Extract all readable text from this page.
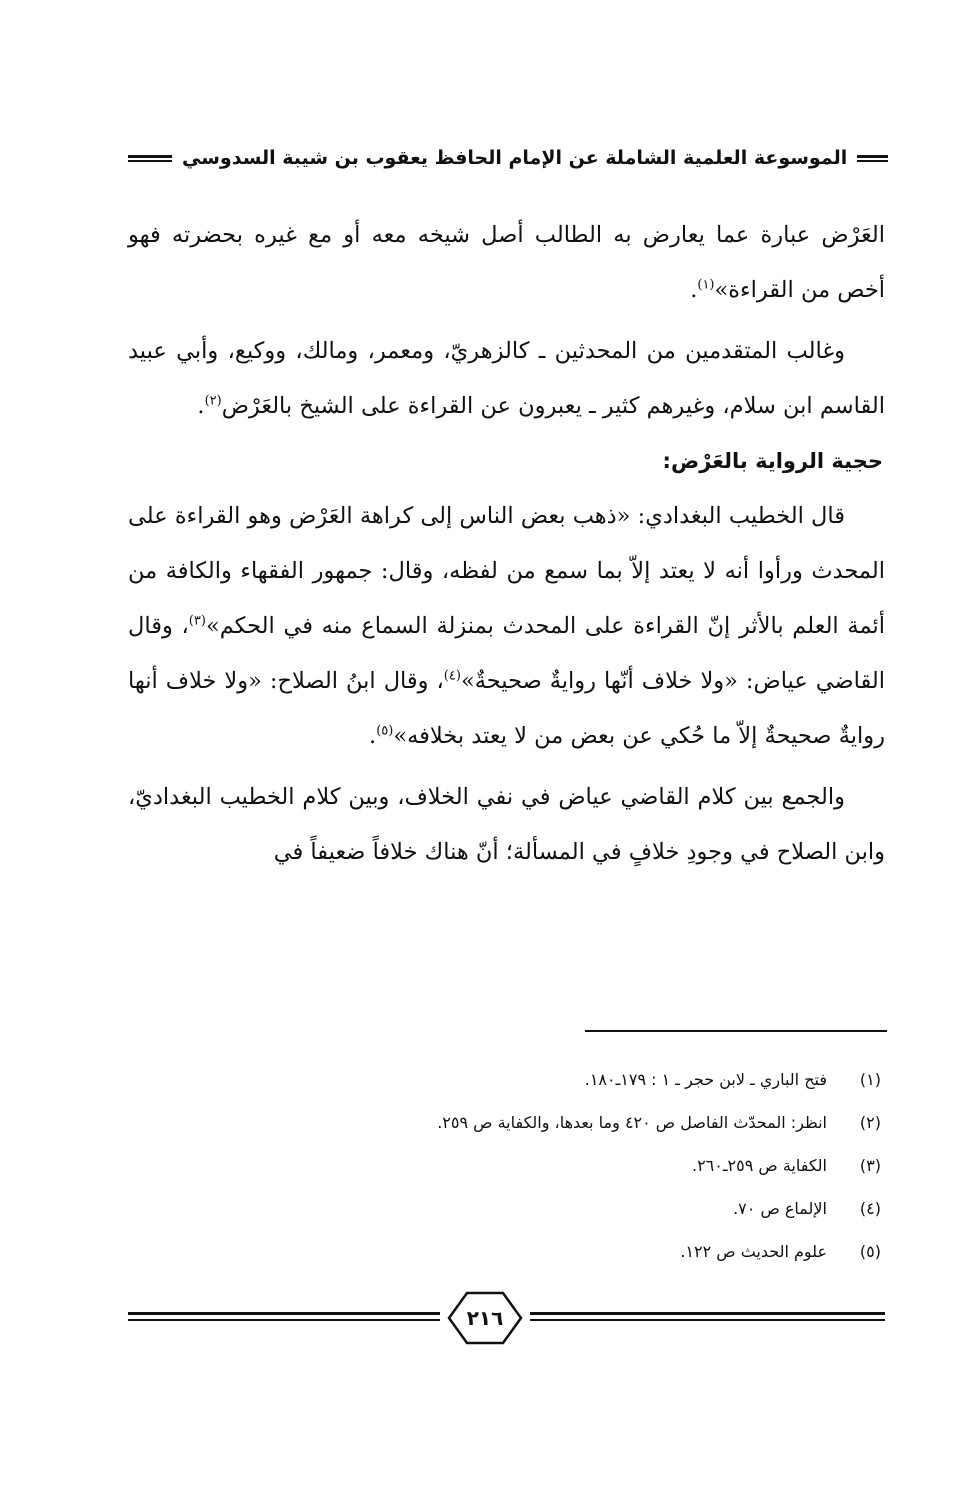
الموسوعة العلمية الشاملة عن الإمام الحافظ يعقوب بن شيبة السدوسي

العَرْض عبارة عما يعارض به الطالب أصل شيخه معه أو مع غيره بحضرته فهو أخص من القراءة»$^{(١)}$.

وغالب المتقدمين من المحدثين ـ كالزهريّ، ومعمر، ومالك، ووكيع، وأبي عبيد القاسم ابن سلام، وغيرهم كثير ـ يعبرون عن القراءة على الشيخ بالعَرْض$^{(٢)}$.

حجية الرواية بالعَرْض:

قال الخطيب البغدادي: «ذهب بعض الناس إلى كراهة العَرْض وهو القراءة على المحدث ورأوا أنه لا يعتد إلاّ بما سمع من لفظه، وقال: جمهور الفقهاء والكافة من أئمة العلم بالأثر إنّ القراءة على المحدث بمنزلة السماع منه في الحكم»$^{(٣)}$، وقال القاضي عياض: «ولا خلاف أنّها روايةٌ صحيحةٌ»$^{(٤)}$، وقال ابنُ الصلاح: «ولا خلاف أنها روايةٌ صحيحةٌ إلاّ ما حُكي عن بعض من لا يعتد بخلافه»$^{(٥)}$.

والجمع بين كلام القاضي عياض في نفي الخلاف، وبين كلام الخطيب البغداديّ، وابن الصلاح في وجودِ خلافٍ في المسألة؛ أنّ هناك خلافاً ضعيفاً في

(١)
فتح الباري ـ لابن حجر ـ ١ : ١٧٩ـ١٨٠.
(٢)
انظر: المحدّث الفاصل ص ٤٢٠ وما بعدها، والكفاية ص ٢٥٩.
(٣)
الكفاية ص ٢٥٩ـ٢٦٠.
(٤)
الإلماع ص ٧٠.
(٥)
علوم الحديث ص ١٢٢.
٢١٦
